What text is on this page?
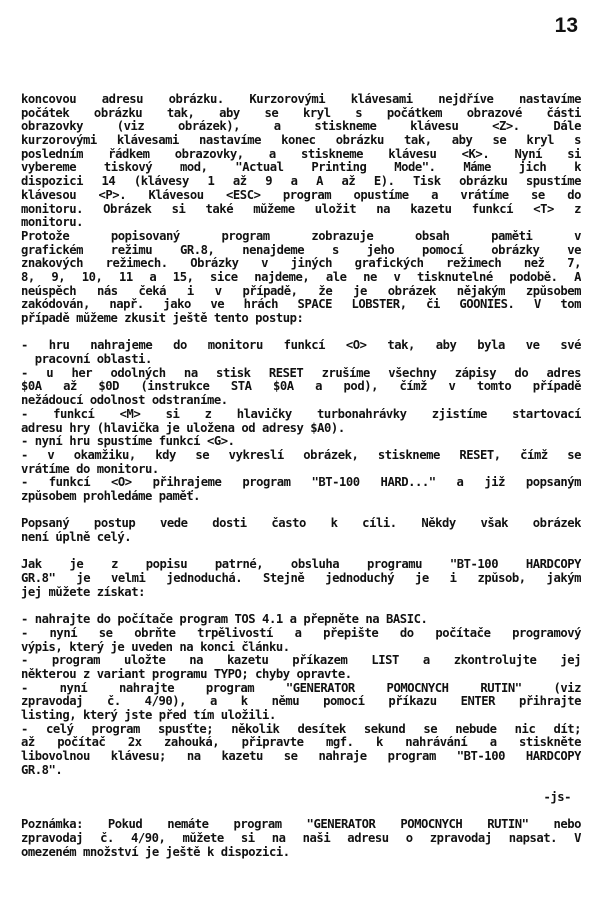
13
koncovou adresu obrázku. Kurzorovými klávesami nejdříve nastavíme
počátek obrázku tak, aby se kryl s počátkem obrazové části
obrazovky (viz obrázek), a stiskneme klávesu <Z>. Dále
kurzorovými klávesami nastavíme konec obrázku tak, aby se kryl s
posledním řádkem obrazovky, a stiskneme klávesu <K>. Nyní si
vybereme tiskový mod, "Actual Printing Mode". Máme jich k
dispozici 14 (klávesy 1 až 9 a A až E). Tisk obrázku spustíme
klávesou <P>. Klávesou <ESC> program opustíme a vrátíme se do
monitoru. Obrázek si také můžeme uložit na kazetu funkcí <T> z
monitoru.
Protože popisovaný program zobrazuje obsah paměti v
grafickém režimu GR.8, nenajdeme s jeho pomocí obrázky ve
znakových režimech. Obrázky v jiných grafických režimech než 7,
8, 9, 10, 11 a 15, sice najdeme, ale ne v tisknutelné podobě. A
neúspěch nás čeká i v případě, že je obrázek nějakým způsobem
zakódován, např. jako ve hrách SPACE LOBSTER, či GOONIES. V tom
případě můžeme zkusit ještě tento postup:
- hru nahrajeme do monitoru funkcí <O> tak, aby byla ve své
pracovní oblasti.
- u her odolných na stisk RESET zrušíme všechny zápisy do adres
$0A až $0D (instrukce STA $0A a pod), čímž v tomto případě
nežádoucí odolnost odstraníme.
- funkcí <M> si z hlavičky turbonahrávky zjistíme startovací
adresu hry (hlavička je uložena od adresy $A0).
- nyní hru spustíme funkcí <G>.
- v okamžiku, kdy se vykreslí obrázek, stiskneme RESET, čímž se
vrátíme do monitoru.
- funkcí <O> přihrajeme program "BT-100 HARD..." a již popsaným
způsobem prohledáme paměť.
Popsaný postup vede dosti často k cíli. Někdy však obrázek
není úplně celý.
Jak je z popisu patrné, obsluha programu "BT-100 HARDCOPY
GR.8" je velmi jednoduchá. Stejně jednoduchý je i způsob, jakým
jej můžete získat:
- nahrajte do počítače program TOS 4.1 a přepněte na BASIC.
- nyní se obrňte trpělivostí a přepište do počítače programový
výpis, který je uveden na konci článku.
- program uložte na kazetu příkazem LIST a zkontrolujte jej
některou z variant programu TYPO; chyby opravte.
- nyní nahrajte program "GENERATOR POMOCNYCH RUTIN" (viz
zpravodaj č. 4/90), a k němu pomocí příkazu ENTER přihrajte
listing, který jste před tím uložili.
- celý program spusťte; několik desítek sekund se nebude nic dít;
až počítač 2x zahouká, připravte mgf. k nahrávání a stiskněte
libovolnou klávesu; na kazetu se nahraje program "BT-100 HARDCOPY
GR.8".
-js-
Poznámka: Pokud nemáte program "GENERATOR POMOCNYCH RUTIN" nebo
zpravodaj č. 4/90, můžete si na naši adresu o zpravodaj napsat. V
omezeném množství je ještě k dispozici.
